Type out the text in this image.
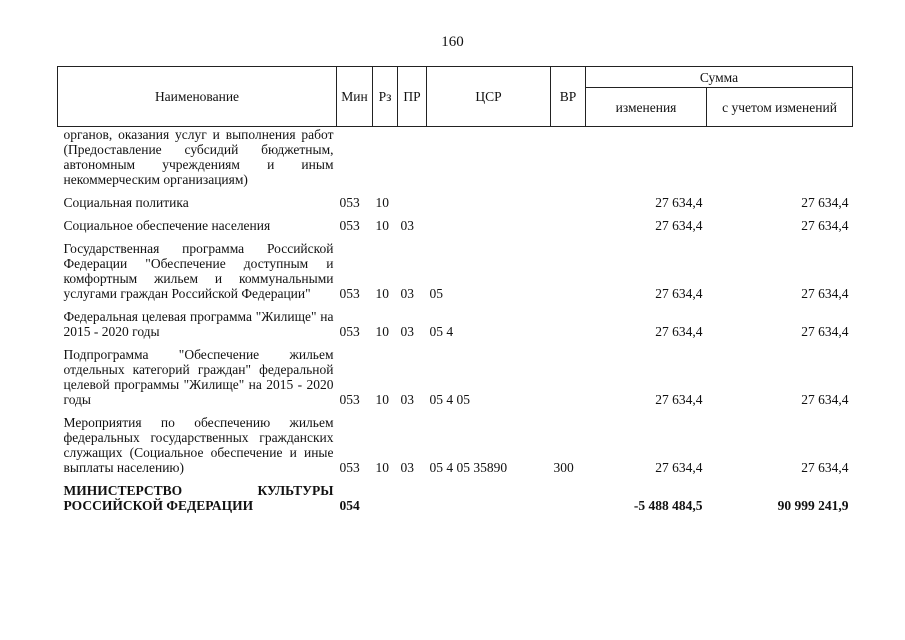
160
Наименование	Мин	Рз	ПР	ЦСР	ВР	Сумма	
						изменения	с учетом изменений
органов, оказания услуг и выполнения работ (Предоставление субсидий бюджетным, автономным учреждениям и иным некоммерческим организациям)							

Социальная политика	053	10				27 634,4	27 634,4

Социальное обеспечение населения	053	10	03			27 634,4	27 634,4

Государственная программа Российской Федерации "Обеспечение доступным и комфортным жильем и коммунальными услугами граждан Российской Федерации"	053	10	03	05		27 634,4	27 634,4

Федеральная целевая программа "Жилище" на 2015 - 2020 годы	053	10	03	05 4		27 634,4	27 634,4

Подпрограмма "Обеспечение жильем отдельных категорий граждан" федеральной целевой программы "Жилище" на 2015 - 2020 годы	053	10	03	05 4 05		27 634,4	27 634,4

Мероприятия по обеспечению жильем федеральных государственных гражданских служащих (Социальное обеспечение и иные выплаты населению)	053	10	03	05 4 05 35890	300	27 634,4	27 634,4

МИНИСТЕРСТВО КУЛЬТУРЫ РОССИЙСКОЙ ФЕДЕРАЦИИ	054					-5 488 484,5	90 999 241,9
